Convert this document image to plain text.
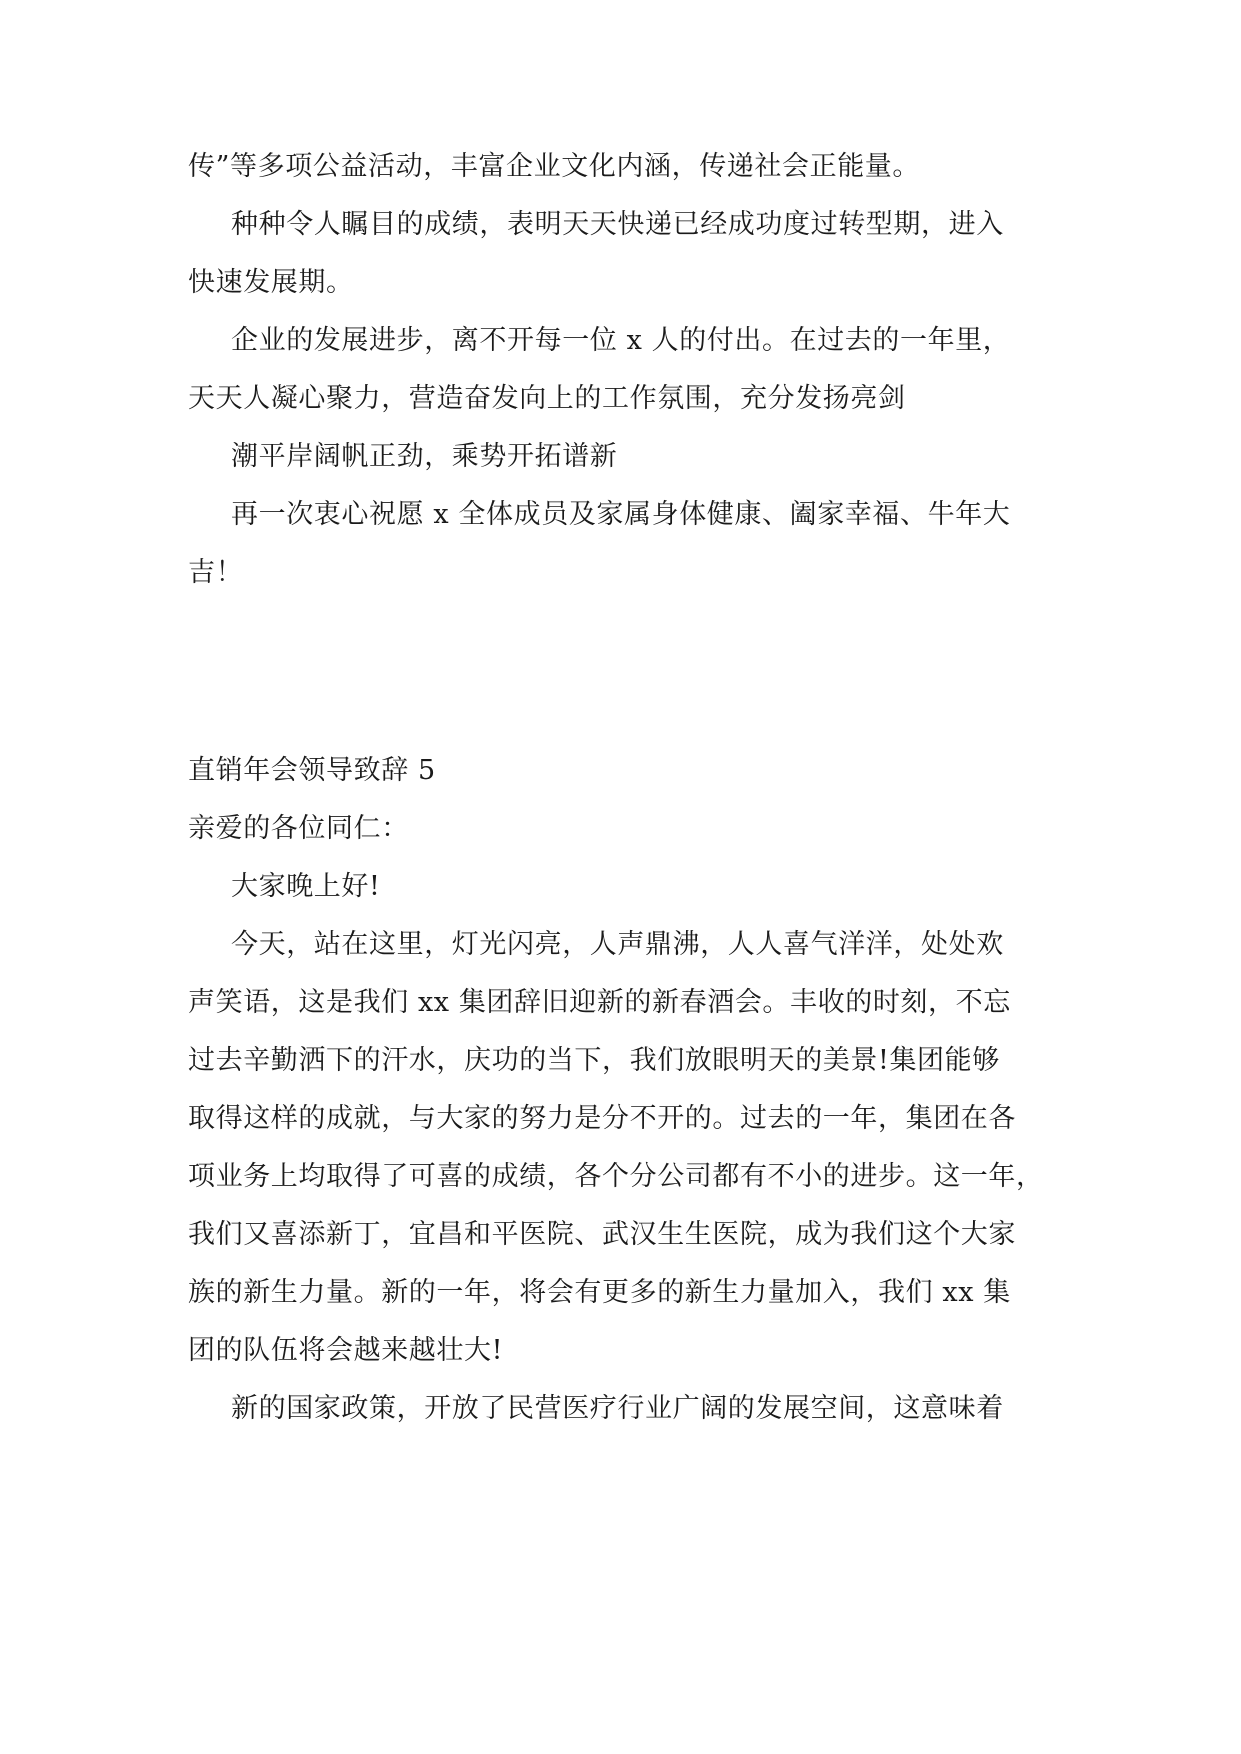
传”等多项公益活动，丰富企业文化内涵，传递社会正能量。
种种令人瞩目的成绩，表明天天快递已经成功度过转型期，进入
快速发展期。
企业的发展进步，离不开每一位 x 人的付出。在过去的一年里，
天天人凝心聚力，营造奋发向上的工作氛围，充分发扬亮剑
潮平岸阔帆正劲，乘势开拓谱新
再一次衷心祝愿 x 全体成员及家属身体健康、阖家幸福、牛年大
吉！
直销年会领导致辞 5
亲爱的各位同仁：
大家晚上好!
今天，站在这里，灯光闪亮，人声鼎沸，人人喜气洋洋，处处欢
声笑语，这是我们 xx 集团辞旧迎新的新春酒会。丰收的时刻，不忘
过去辛勤洒下的汗水，庆功的当下，我们放眼明天的美景!集团能够
取得这样的成就，与大家的努力是分不开的。过去的一年，集团在各
项业务上均取得了可喜的成绩，各个分公司都有不小的进步。这一年，
我们又喜添新丁，宜昌和平医院、武汉生生医院，成为我们这个大家
族的新生力量。新的一年，将会有更多的新生力量加入，我们 xx 集
团的队伍将会越来越壮大!
新的国家政策，开放了民营医疗行业广阔的发展空间，这意味着
